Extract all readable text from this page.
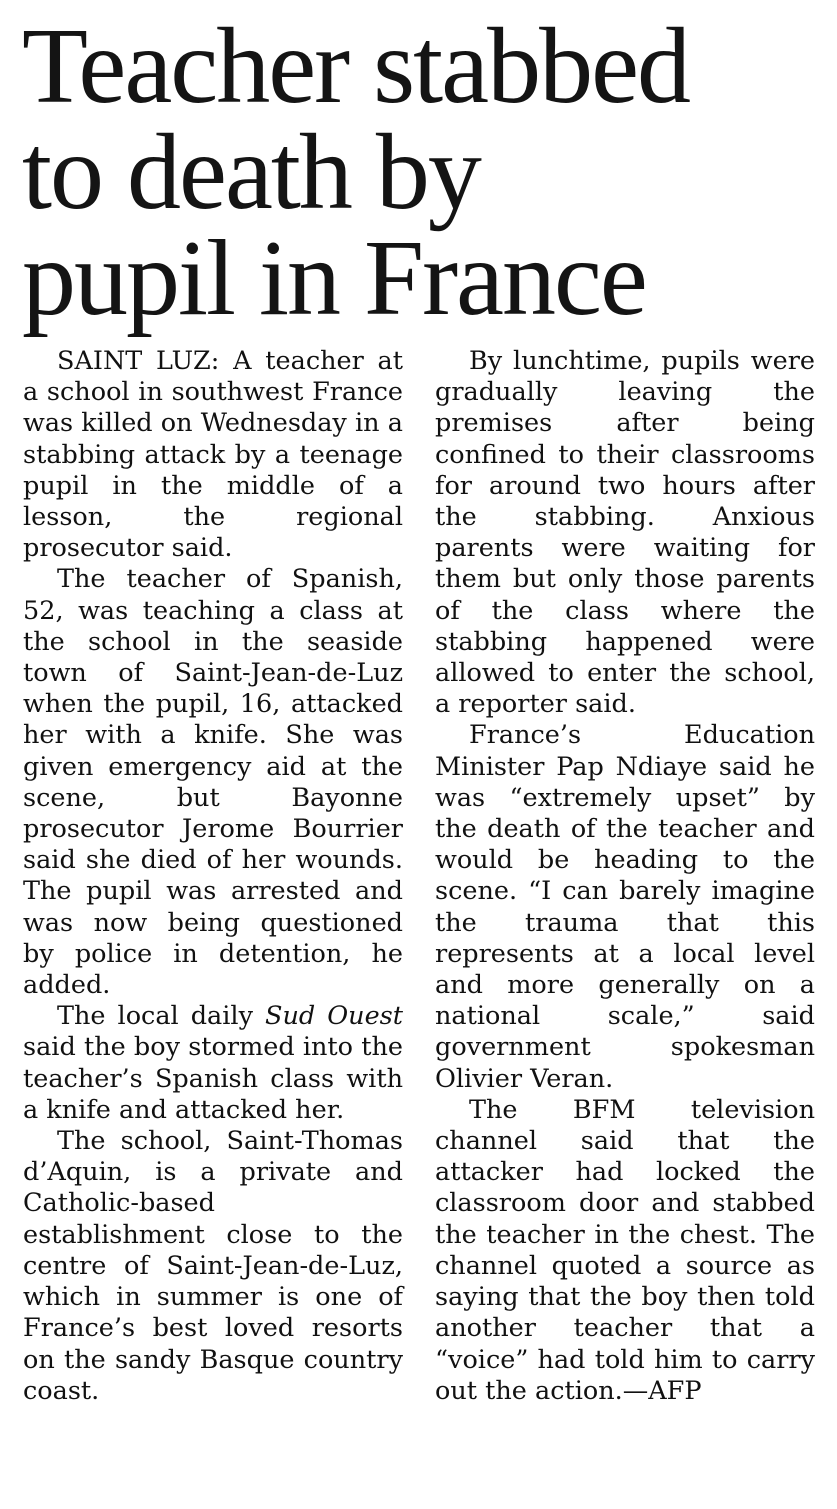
Teacher stabbed
to death by
pupil in France

SAINT LUZ: A teacher at a school in southwest France was killed on Wednesday in a stabbing attack by a teenage pupil in the middle of a lesson, the regional prosecutor said.

The teacher of Spanish, 52, was teaching a class at the school in the seaside town of Saint-Jean-de-Luz when the pupil, 16, attacked her with a knife. She was given emergency aid at the scene, but Bayonne prosecutor Jerome Bourrier said she died of her wounds. The pupil was arrested and was now being questioned by police in detention, he added.

The local daily Sud Ouest said the boy stormed into the teacher’s Spanish class with a knife and attacked her.

The school, Saint-Thomas d’Aquin, is a private and Catholic-based establishment close to the centre of Saint-Jean-de-Luz, which in summer is one of France’s best loved resorts on the sandy Basque country coast.

By lunchtime, pupils were gradually leaving the premises after being confined to their classrooms for around two hours after the stabbing. Anxious parents were waiting for them but only those parents of the class where the stabbing happened were allowed to enter the school, a reporter said.

France’s Education Minister Pap Ndiaye said he was “extremely upset” by the death of the teacher and would be heading to the scene. “I can barely imagine the trauma that this represents at a local level and more generally on a national scale,” said government spokesman Olivier Veran.

The BFM television channel said that the attacker had locked the classroom door and stabbed the teacher in the chest. The channel quoted a source as saying that the boy then told another teacher that a “voice” had told him to carry out the action.—AFP
